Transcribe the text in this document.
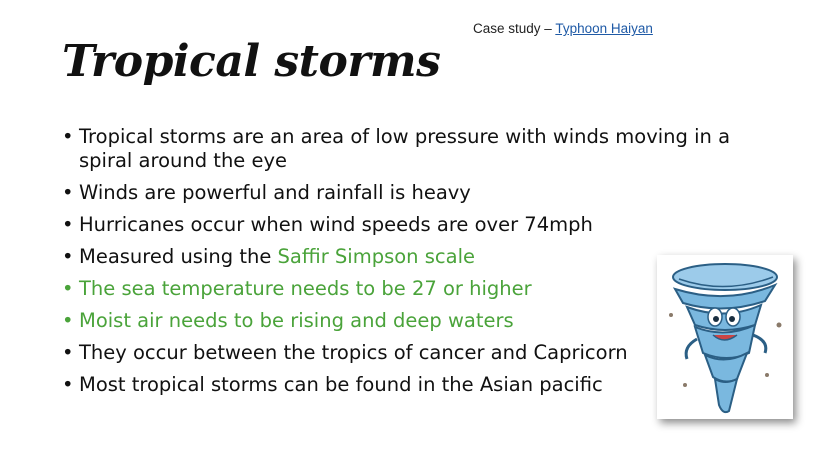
Case study – Typhoon Haiyan
Tropical storms
• Tropical storms are an area of low pressure with winds moving in a spiral around the eye
• Winds are powerful and rainfall is heavy
• Hurricanes occur when wind speeds are over 74mph
• Measured using the Saffir Simpson scale
• The sea temperature needs to be 27 or higher
• Moist air needs to be rising and deep waters
• They occur between the tropics of cancer and Capricorn
• Most tropical storms can be found in the Asian pacific
